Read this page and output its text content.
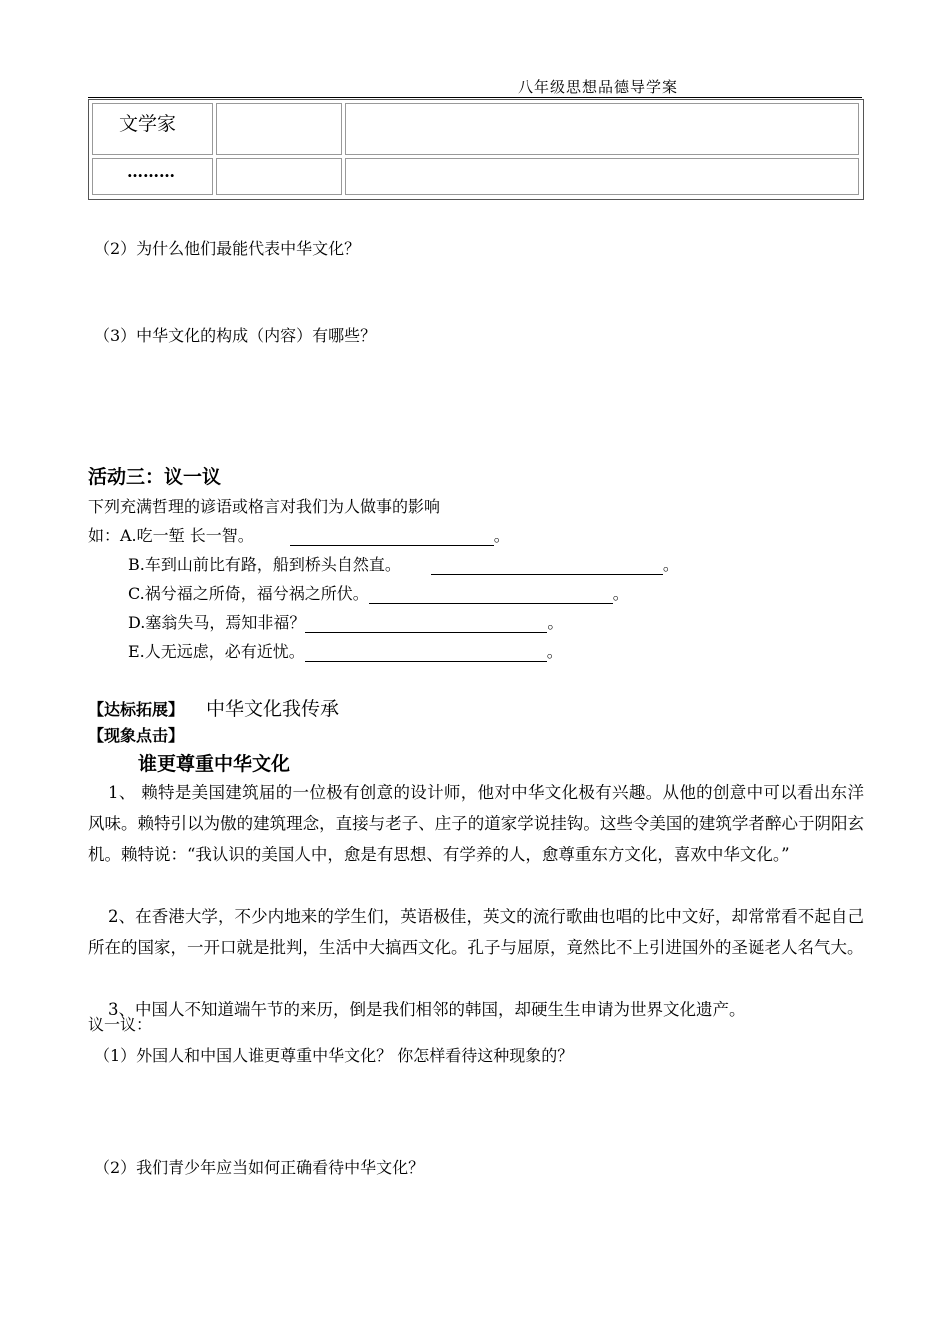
八年级思想品德导学案
文学家
………
（2）为什么他们最能代表中华文化？
（3）中华文化的构成（内容）有哪些？
活动三：议一议
下列充满哲理的谚语或格言对我们为人做事的影响
如：A.吃一堑 长一智。	。
B.车到山前比有路，船到桥头自然直。	。
C.祸兮福之所倚，福兮祸之所伏。	。
D.塞翁失马，焉知非福？	。
E.人无远虑，必有近忧。	。
【达标拓展】 中华文化我传承
【现象点击】
谁更尊重中华文化
1、 赖特是美国建筑届的一位极有创意的设计师，他对中华文化极有兴趣。从他的创意中可以看出东洋风味。赖特引以为傲的建筑理念，直接与老子、庄子的道家学说挂钩。这些令美国的建筑学者醉心于阴阳玄机。赖特说：“我认识的美国人中，愈是有思想、有学养的人，愈尊重东方文化，喜欢中华文化。”
2、在香港大学，不少内地来的学生们，英语极佳，英文的流行歌曲也唱的比中文好，却常常看不起自己所在的国家，一开口就是批判，生活中大搞西文化。孔子与屈原，竟然比不上引进国外的圣诞老人名气大。
3、中国人不知道端午节的来历，倒是我们相邻的韩国，却硬生生申请为世界文化遗产。
议一议：
（1）外国人和中国人谁更尊重中华文化？ 你怎样看待这种现象的？
（2）我们青少年应当如何正确看待中华文化？
